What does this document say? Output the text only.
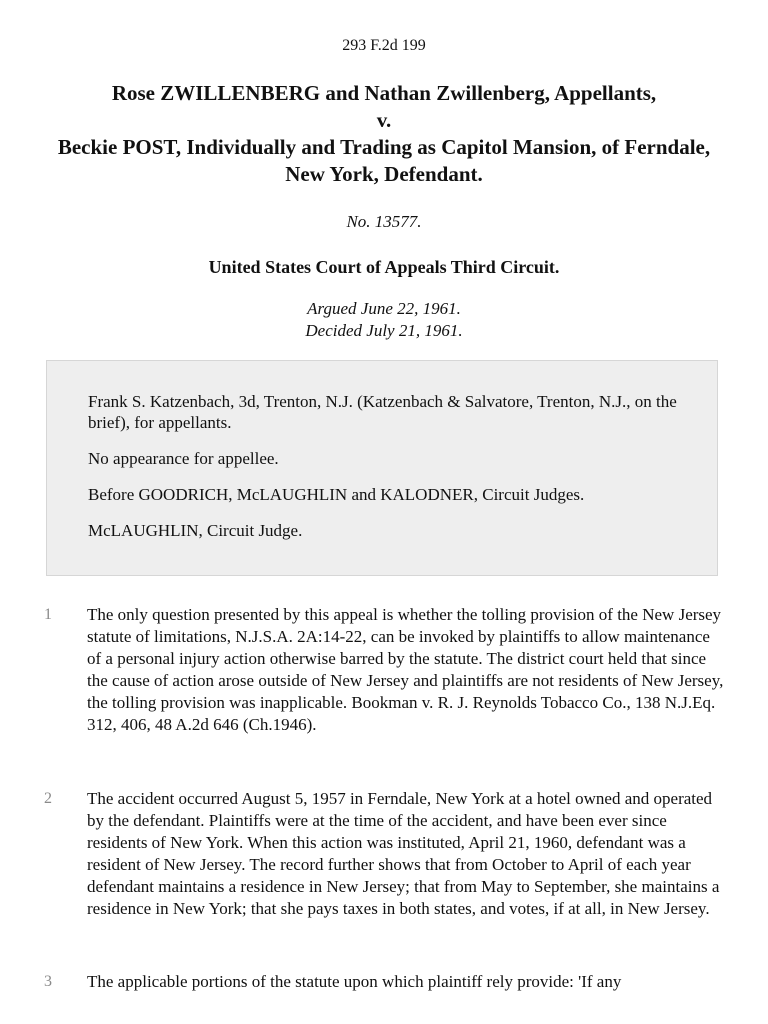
293 F.2d 199
Rose ZWILLENBERG and Nathan Zwillenberg, Appellants,
v.
Beckie POST, Individually and Trading as Capitol Mansion, of Ferndale, New York, Defendant.
No. 13577.
United States Court of Appeals Third Circuit.
Argued June 22, 1961.
Decided July 21, 1961.

Frank S. Katzenbach, 3d, Trenton, N.J. (Katzenbach & Salvatore, Trenton, N.J., on the brief), for appellants.

No appearance for appellee.

Before GOODRICH, McLAUGHLIN and KALODNER, Circuit Judges.

McLAUGHLIN, Circuit Judge.

1 The only question presented by this appeal is whether the tolling provision of the New Jersey statute of limitations, N.J.S.A. 2A:14-22, can be invoked by plaintiffs to allow maintenance of a personal injury action otherwise barred by the statute. The district court held that since the cause of action arose outside of New Jersey and plaintiffs are not residents of New Jersey, the tolling provision was inapplicable. Bookman v. R. J. Reynolds Tobacco Co., 138 N.J.Eq. 312, 406, 48 A.2d 646 (Ch.1946).

2 The accident occurred August 5, 1957 in Ferndale, New York at a hotel owned and operated by the defendant. Plaintiffs were at the time of the accident, and have been ever since residents of New York. When this action was instituted, April 21, 1960, defendant was a resident of New Jersey. The record further shows that from October to April of each year defendant maintains a residence in New Jersey; that from May to September, she maintains a residence in New York; that she pays taxes in both states, and votes, if at all, in New Jersey.

3 The applicable portions of the statute upon which plaintiff rely provide: 'If any
